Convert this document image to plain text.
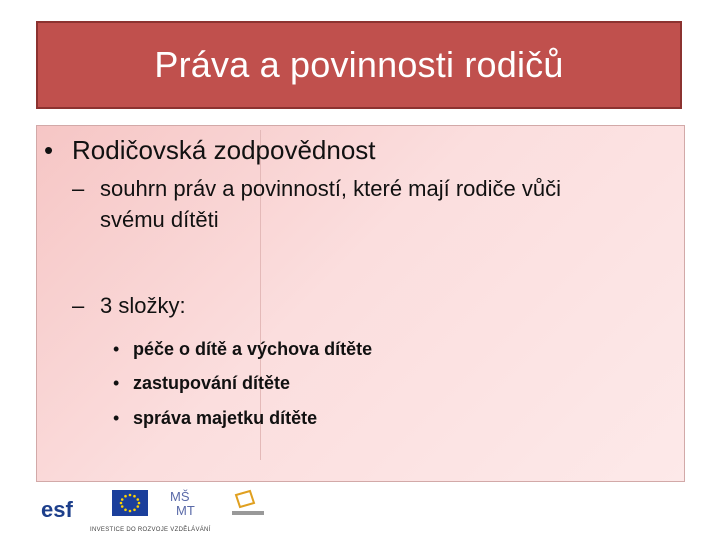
Práva a povinnosti rodičů
• Rodičovská zodpovědnost
– souhrn práv a povinností, které mají rodiče vůči
svému dítěti
– 3 složky:
• péče o dítě a výchova dítěte
• zastupování dítěte
• správa majetku dítěte
esf
MŠ
MT
INVESTICE DO ROZVOJE VZDĚLÁVÁNÍ
